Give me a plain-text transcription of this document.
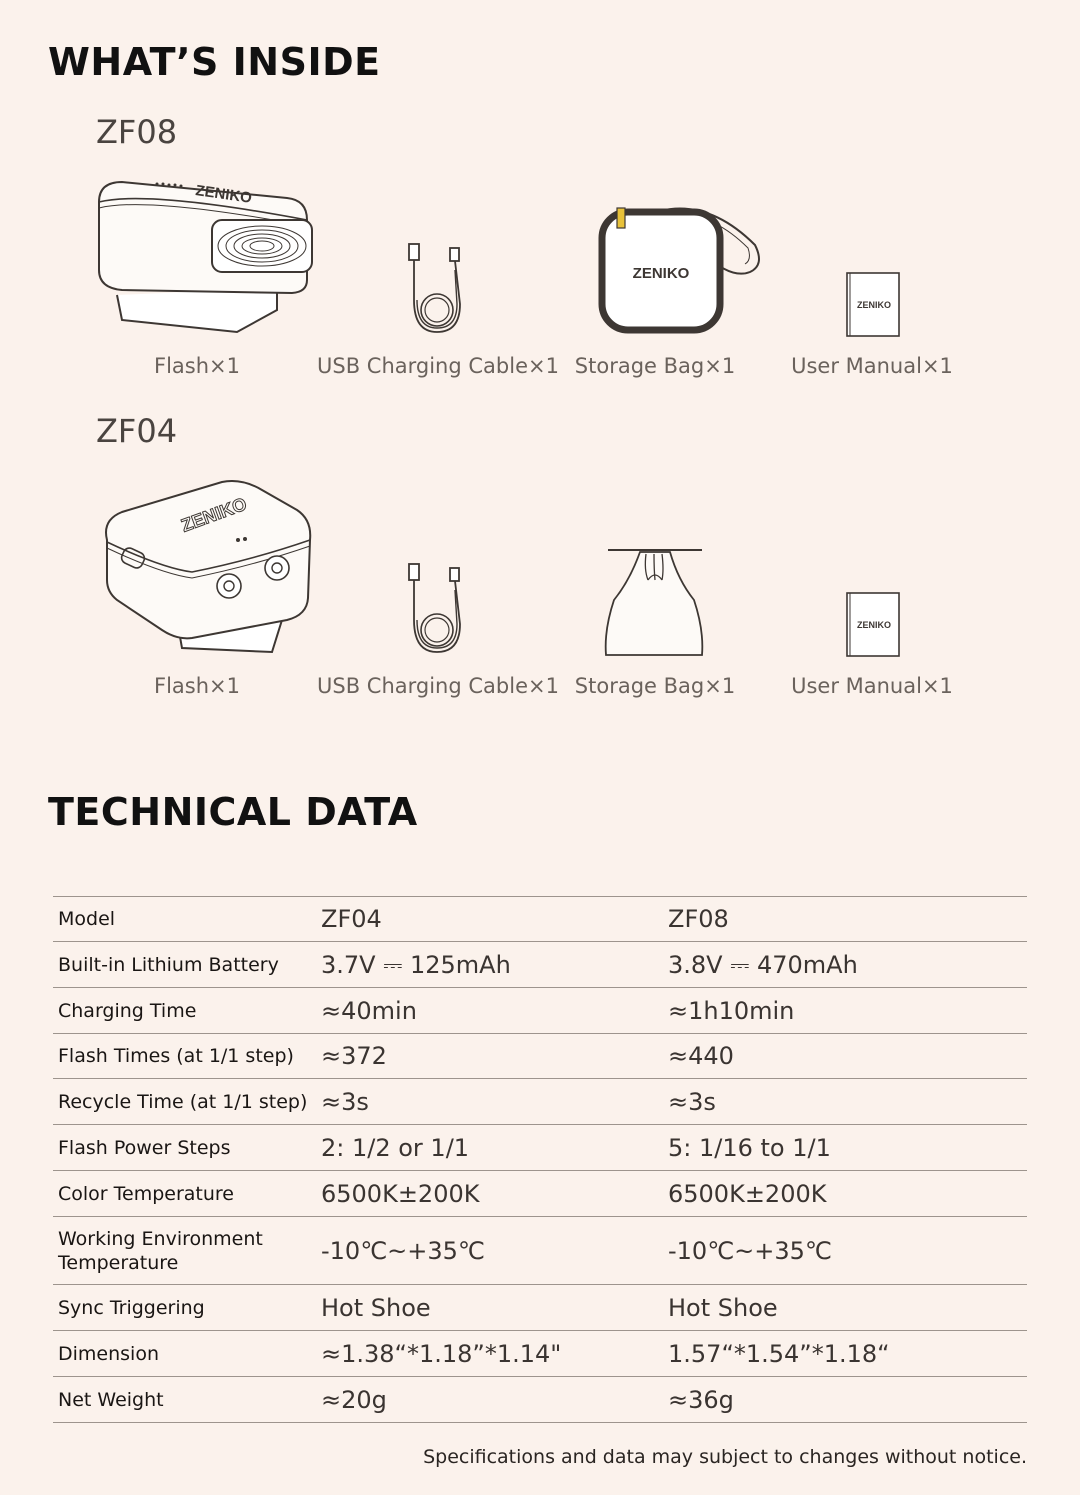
WHAT’S INSIDE
ZF08
ZENIKO
Flash×1	USB Charging Cable×1
ZENIKO
Storage Bag×1
ZENIKO
User Manual×1
ZF04
ZENIKO
Flash×1	USB Charging Cable×1 Storage Bag×1
ZENIKO
User Manual×1
TECHNICAL DATA
Model	ZF04	ZF08
Built-in Lithium Battery	3.7V ⎓ 125mAh	3.8V ⎓ 470mAh
Charging Time	≈40min	≈1h10min
Flash Times (at 1/1 step)	≈372	≈440
Recycle Time (at 1/1 step)	≈3s	≈3s
Flash Power Steps	2: 1/2 or 1/1	5: 1/16 to 1/1
Color Temperature	6500K±200K	6500K±200K
Working Environment Temperature	-10℃~+35℃	-10℃~+35℃
Sync Triggering	Hot Shoe	Hot Shoe
Dimension	≈1.38“*1.18”*1.14"	1.57“*1.54”*1.18“
Net Weight	≈20g	≈36g
Specifications and data may subject to changes without notice.
